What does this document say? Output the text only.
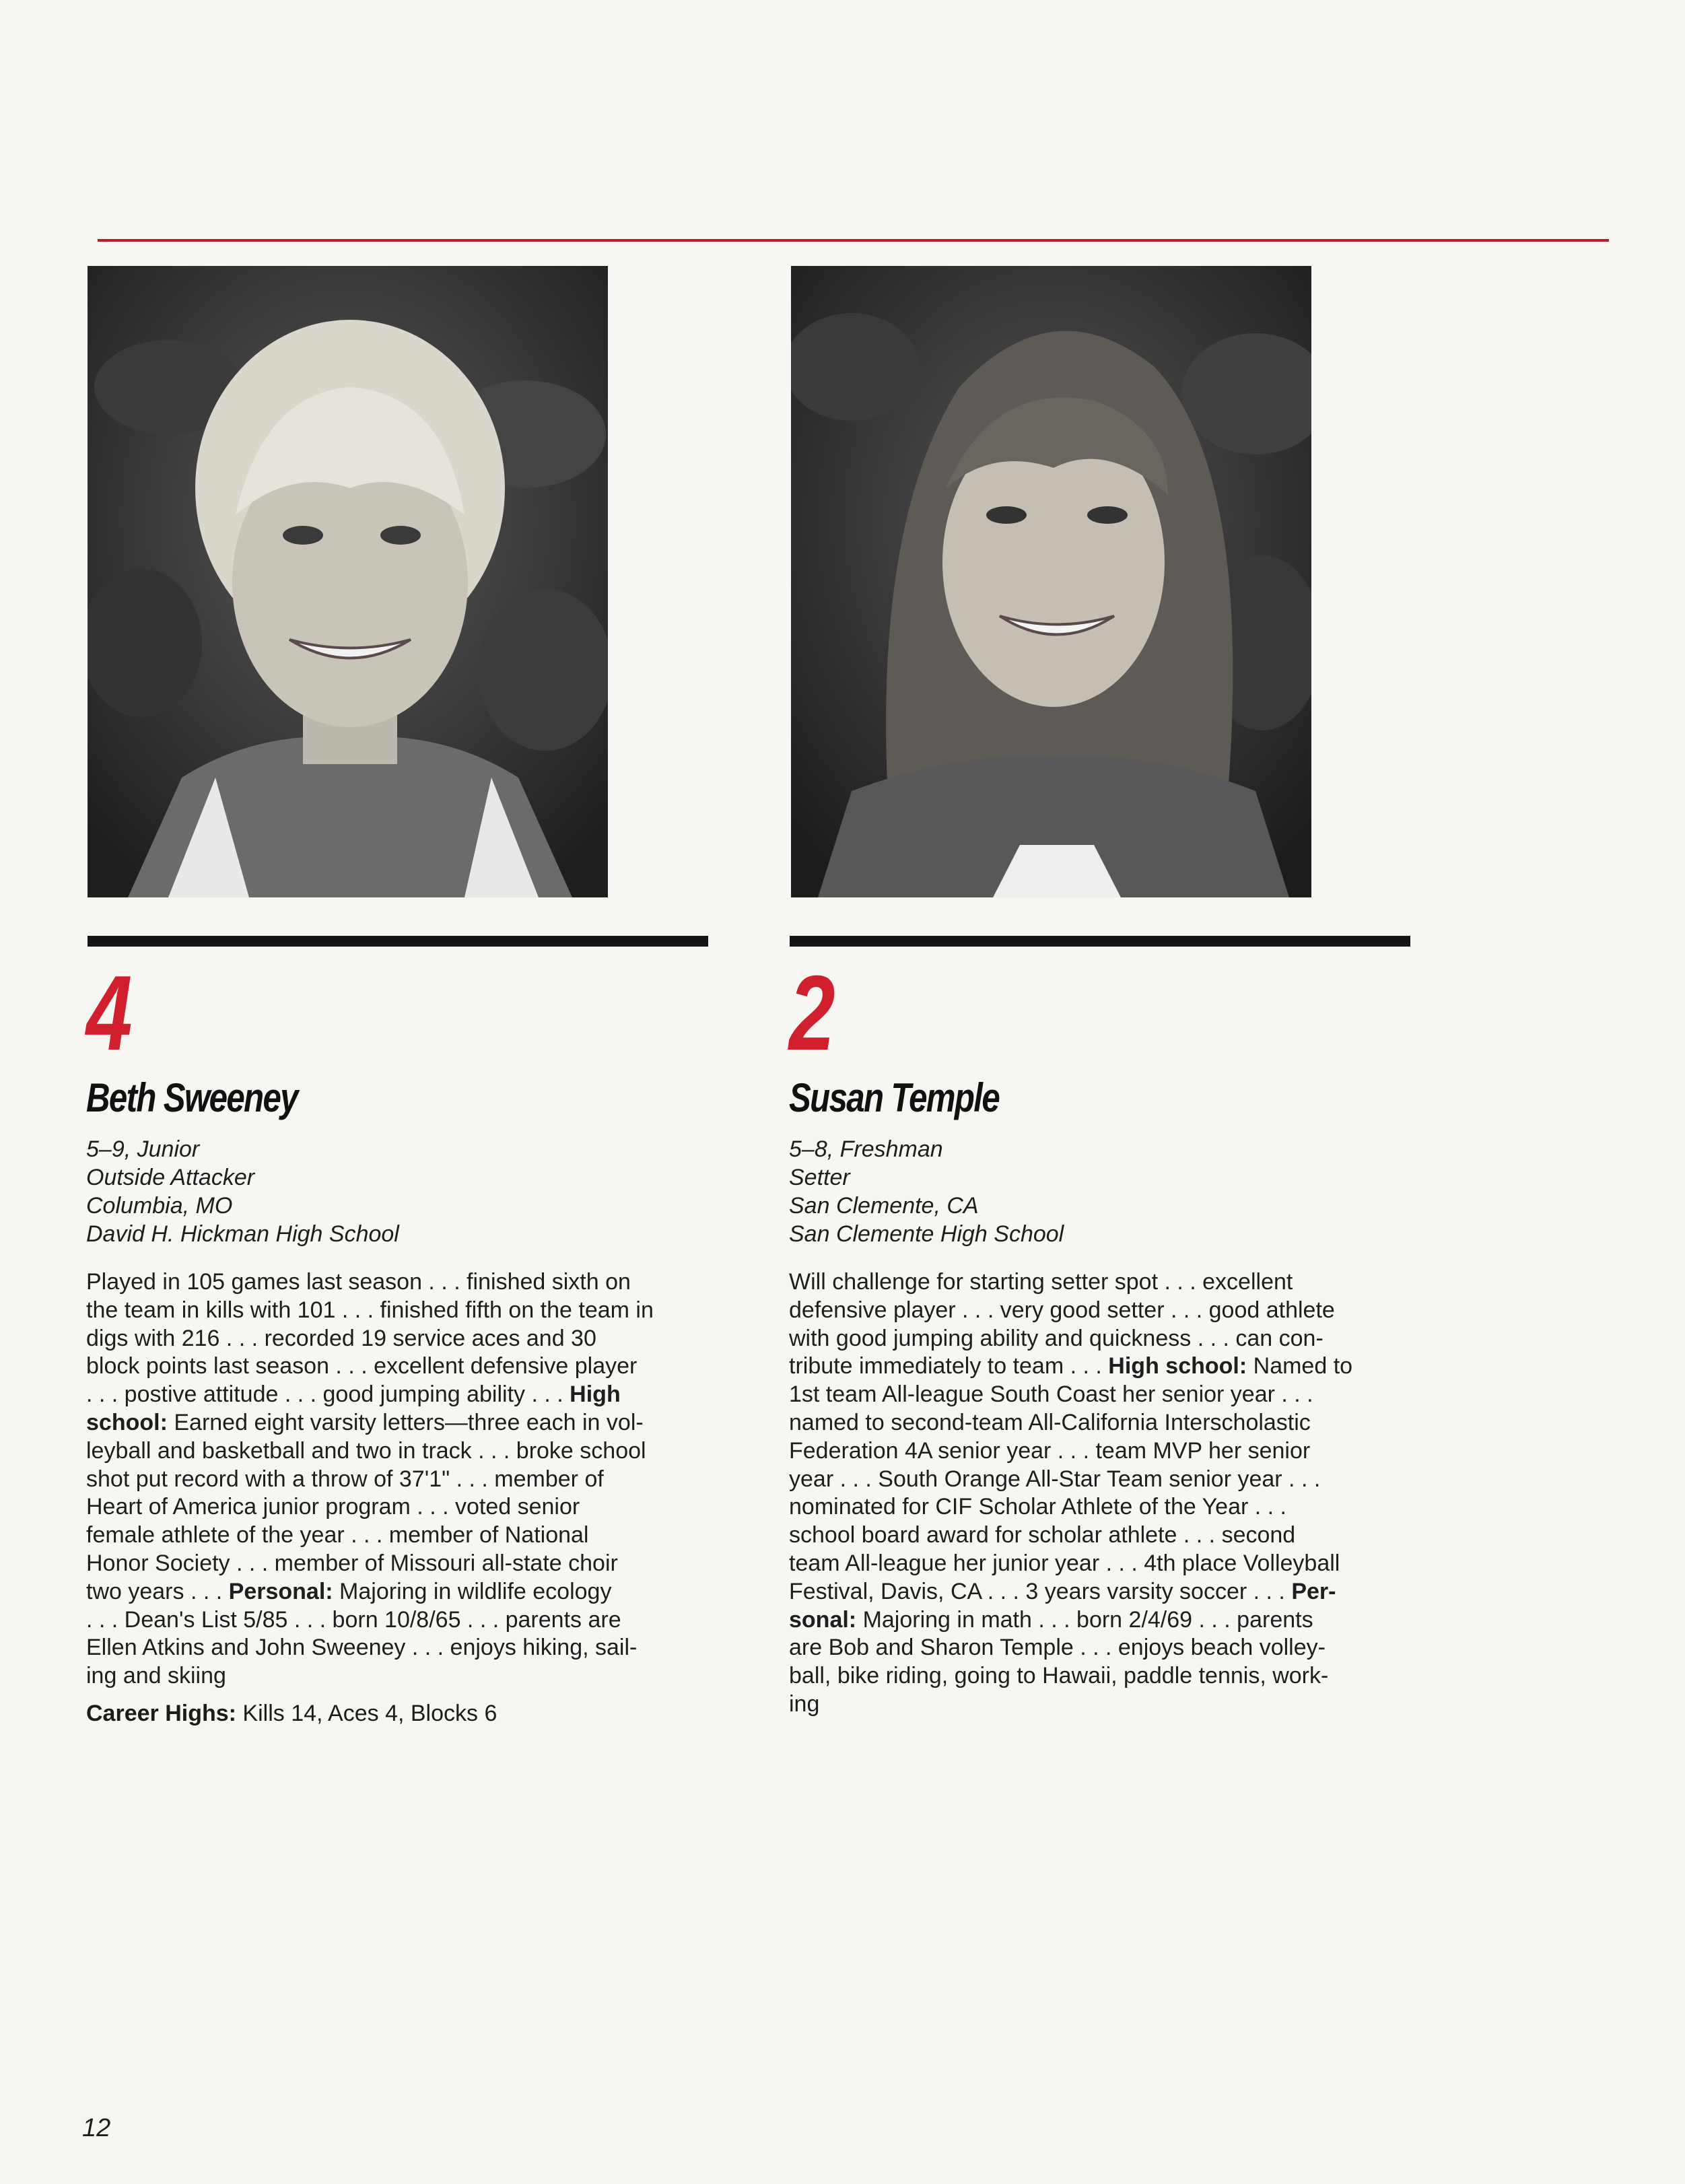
4
Beth Sweeney
5–9, Junior
Outside Attacker
Columbia, MO
David H. Hickman High School
Played in 105 games last season . . . finished sixth on
the team in kills with 101 . . . finished fifth on the team in
digs with 216 . . . recorded 19 service aces and 30
block points last season . . . excellent defensive player
. . . postive attitude . . . good jumping ability . . . High
school: Earned eight varsity letters—three each in vol-
leyball and basketball and two in track . . . broke school
shot put record with a throw of 37'1" . . . member of
Heart of America junior program . . . voted senior
female athlete of the year . . . member of National
Honor Society . . . member of Missouri all-state choir
two years . . . Personal: Majoring in wildlife ecology
. . . Dean's List 5/85 . . . born 10/8/65 . . . parents are
Ellen Atkins and John Sweeney . . . enjoys hiking, sail-
ing and skiing
Career Highs: Kills 14, Aces 4, Blocks 6
2
Susan Temple
5–8, Freshman
Setter
San Clemente, CA
San Clemente High School
Will challenge for starting setter spot . . . excellent
defensive player . . . very good setter . . . good athlete
with good jumping ability and quickness . . . can con-
tribute immediately to team . . . High school: Named to
1st team All-league South Coast her senior year . . .
named to second-team All-California Interscholastic
Federation 4A senior year . . . team MVP her senior
year . . . South Orange All-Star Team senior year . . .
nominated for CIF Scholar Athlete of the Year . . .
school board award for scholar athlete . . . second
team All-league her junior year . . . 4th place Volleyball
Festival, Davis, CA . . . 3 years varsity soccer . . . Per-
sonal: Majoring in math . . . born 2/4/69 . . . parents
are Bob and Sharon Temple . . . enjoys beach volley-
ball, bike riding, going to Hawaii, paddle tennis, work-
ing
12
